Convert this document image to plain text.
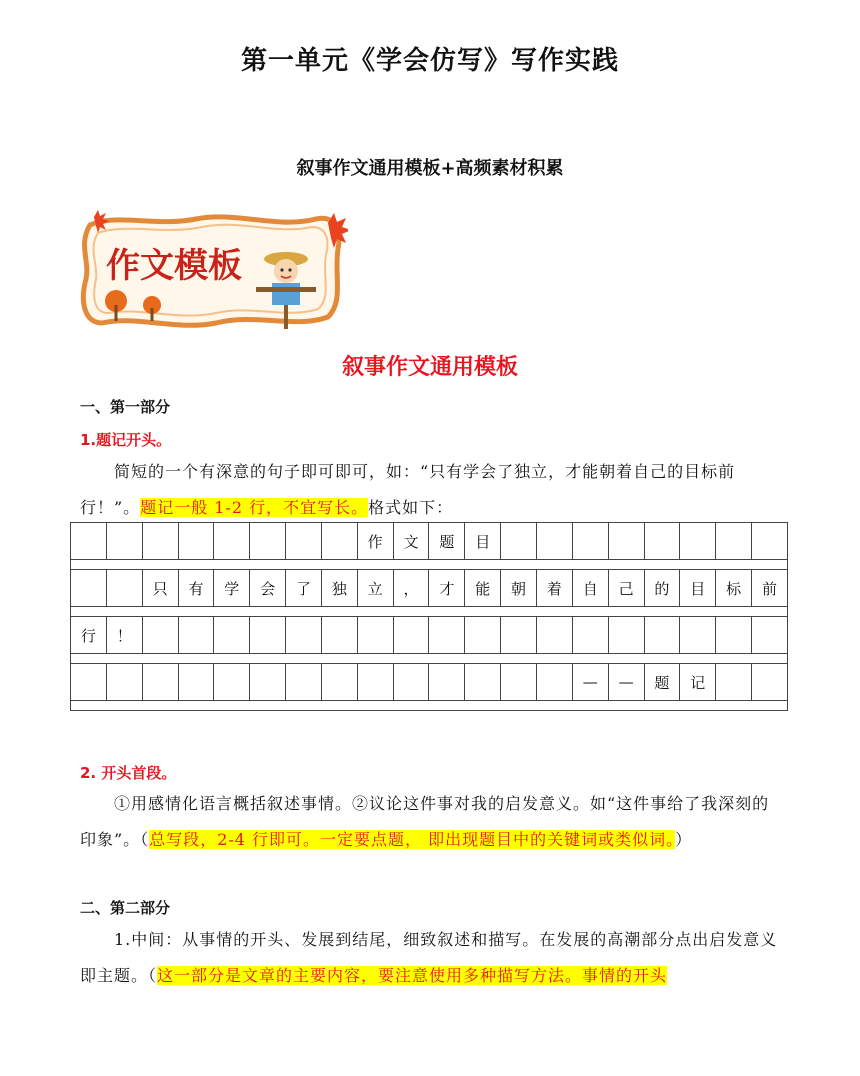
第一单元《学会仿写》写作实践
叙事作文通用模板+高频素材积累
作文模板
叙事作文通用模板
一、第一部分
1.题记开头。
简短的一个有深意的句子即可即可，如：“只有学会了独立，才能朝着自己的目标前行！”。题记一般 1-2 行，不宜写长。格式如下：
								作	文	题	目								

		只	有	学	会	了	独	立	，	才	能	朝	着	自	己	的	目	标	前

行	！																		

														—	—	题	记		

2. 开头首段。
①用感情化语言概括叙述事情。②议论这件事对我的启发意义。如“这件事给了我深刻的印象”。（总写段，2-4 行即可。一定要点题， 即出现题目中的关键词或类似词。）
二、第二部分
1.中间：从事情的开头、发展到结尾，细致叙述和描写。在发展的高潮部分点出启发意义即主题。（这一部分是文章的主要内容，要注意使用多种描写方法。事情的开头
